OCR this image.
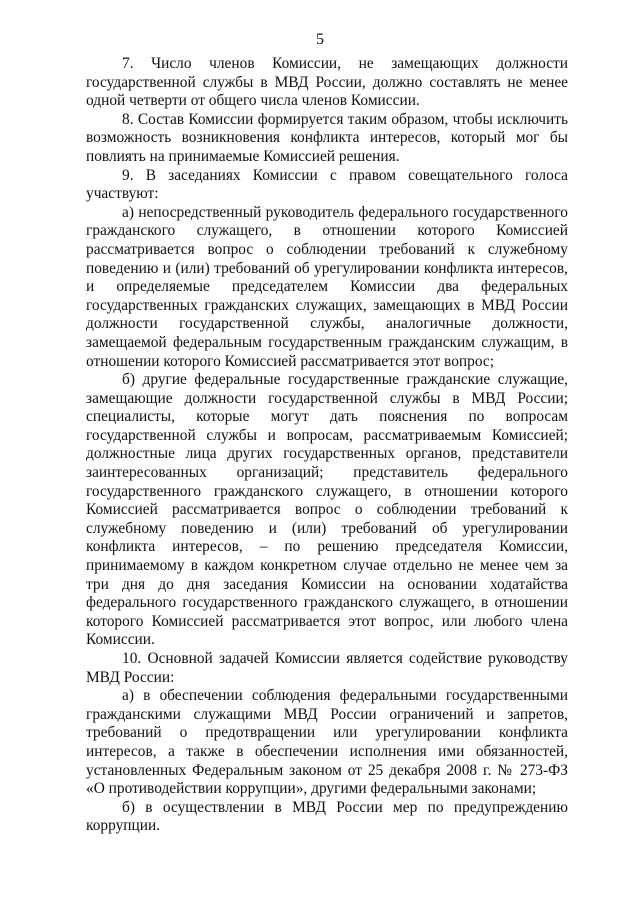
5

7. Число членов Комиссии, не замещающих должности государственной службы в МВД России, должно составлять не менее одной четверти от общего числа членов Комиссии.

8. Состав Комиссии формируется таким образом, чтобы исключить возможность возникновения конфликта интересов, который мог бы повлиять на принимаемые Комиссией решения.

9. В заседаниях Комиссии с правом совещательного голоса участвуют:

а) непосредственный руководитель федерального государственного гражданского служащего, в отношении которого Комиссией рассматривается вопрос о соблюдении требований к служебному поведению и (или) требований об урегулировании конфликта интересов, и определяемые председателем Комиссии два федеральных государственных гражданских служащих, замещающих в МВД России должности государственной службы, аналогичные должности, замещаемой федеральным государственным гражданским служащим, в отношении которого Комиссией рассматривается этот вопрос;

б) другие федеральные государственные гражданские служащие, замещающие должности государственной службы в МВД России; специалисты, которые могут дать пояснения по вопросам государственной службы и вопросам, рассматриваемым Комиссией; должностные лица других государственных органов, представители заинтересованных организаций; представитель федерального государственного гражданского служащего, в отношении которого Комиссией рассматривается вопрос о соблюдении требований к служебному поведению и (или) требований об урегулировании конфликта интересов, – по решению председателя Комиссии, принимаемому в каждом конкретном случае отдельно не менее чем за три дня до дня заседания Комиссии на основании ходатайства федерального государственного гражданского служащего, в отношении которого Комиссией рассматривается этот вопрос, или любого члена Комиссии.

10. Основной задачей Комиссии является содействие руководству МВД России:

а) в обеспечении соблюдения федеральными государственными гражданскими служащими МВД России ограничений и запретов, требований о предотвращении или урегулировании конфликта интересов, а также в обеспечении исполнения ими обязанностей, установленных Федеральным законом от 25 декабря 2008 г. № 273-ФЗ «О противодействии коррупции», другими федеральными законами;

б) в осуществлении в МВД России мер по предупреждению коррупции.
